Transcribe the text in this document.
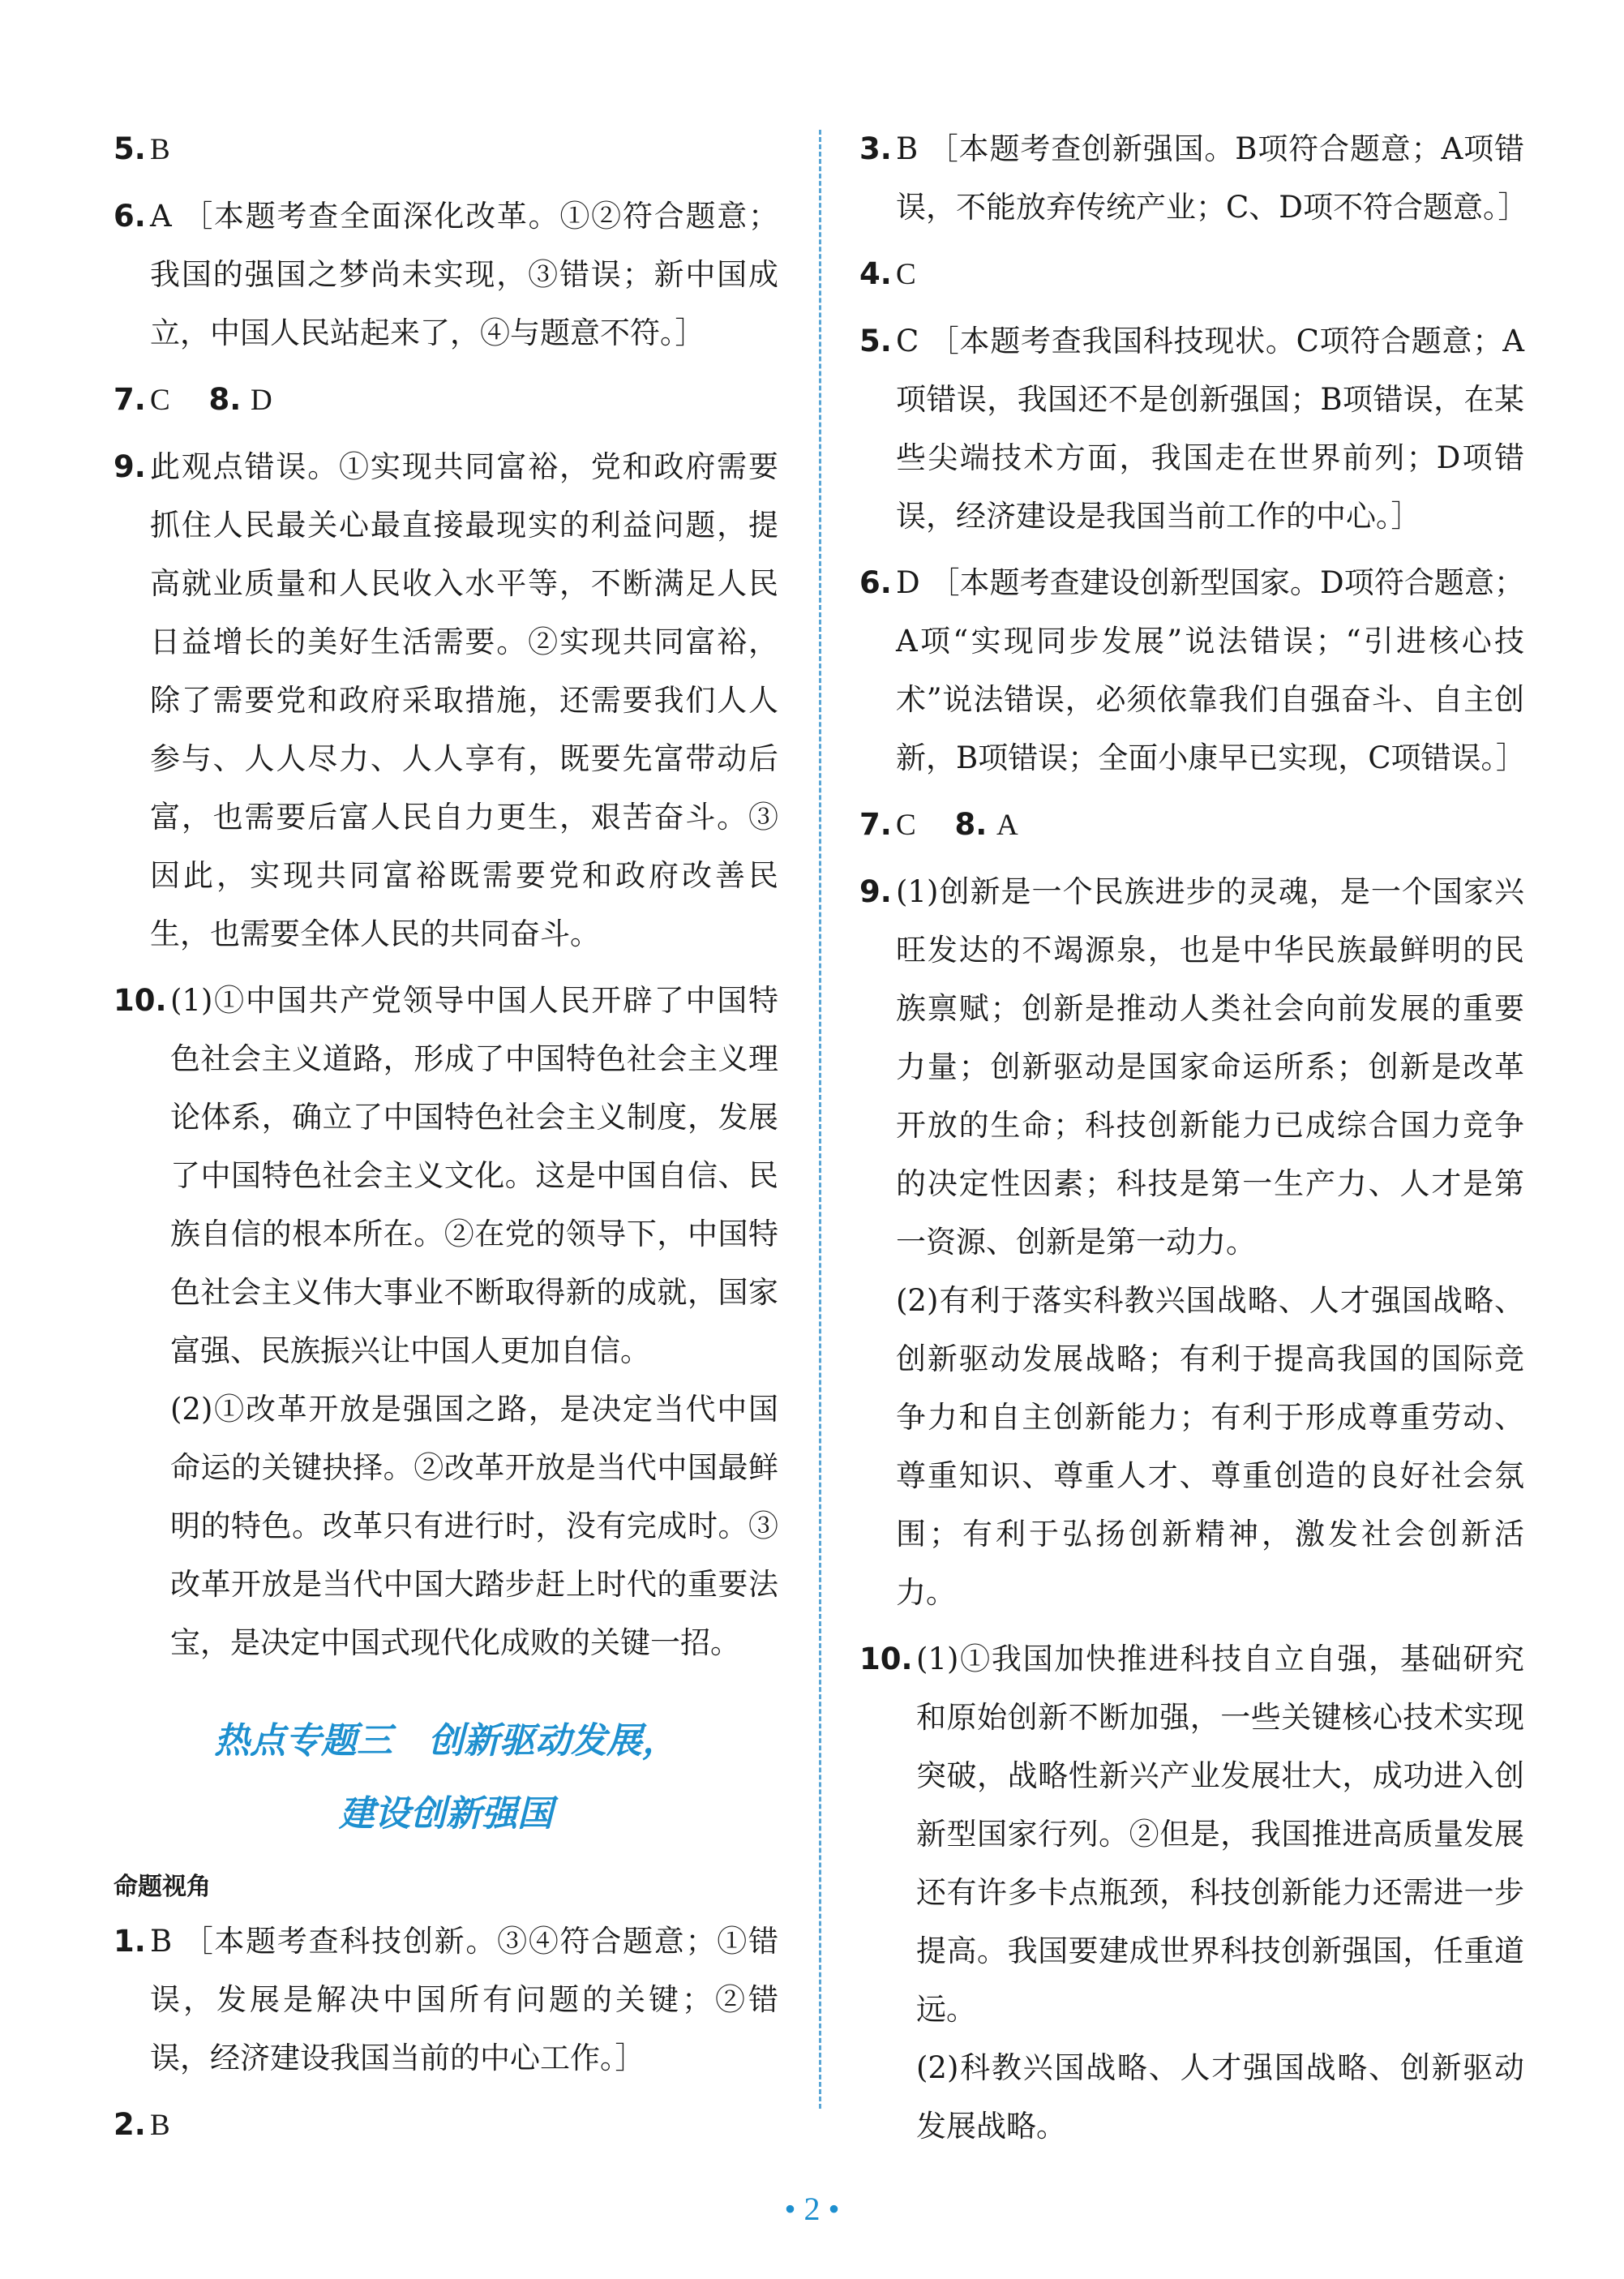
5. B
6. A ［本题考查全面深化改革。①②符合题意；我国的强国之梦尚未实现，③错误；新中国成立，中国人民站起来了，④与题意不符。］
7. C 8. D
9. 此观点错误。①实现共同富裕，党和政府需要抓住人民最关心最直接最现实的利益问题，提高就业质量和人民收入水平等，不断满足人民日益增长的美好生活需要。②实现共同富裕，除了需要党和政府采取措施，还需要我们人人参与、人人尽力、人人享有，既要先富带动后富，也需要后富人民自力更生，艰苦奋斗。③因此，实现共同富裕既需要党和政府改善民生，也需要全体人民的共同奋斗。
10. (1)①中国共产党领导中国人民开辟了中国特色社会主义道路，形成了中国特色社会主义理论体系，确立了中国特色社会主义制度，发展了中国特色社会主义文化。这是中国自信、民族自信的根本所在。②在党的领导下，中国特色社会主义伟大事业不断取得新的成就，国家富强、民族振兴让中国人更加自信。
(2)①改革开放是强国之路，是决定当代中国命运的关键抉择。②改革开放是当代中国最鲜明的特色。改革只有进行时，没有完成时。③改革开放是当代中国大踏步赶上时代的重要法宝，是决定中国式现代化成败的关键一招。
热点专题三　创新驱动发展，
建设创新强国
命题视角
1. B ［本题考查科技创新。③④符合题意；①错误，发展是解决中国所有问题的关键；②错误，经济建设我国当前的中心工作。］
2. B
3. B ［本题考查创新强国。B项符合题意；A项错误，不能放弃传统产业；C、D项不符合题意。］
4. C
5. C ［本题考查我国科技现状。C项符合题意；A项错误，我国还不是创新强国；B项错误，在某些尖端技术方面，我国走在世界前列；D项错误，经济建设是我国当前工作的中心。］
6. D ［本题考查建设创新型国家。D项符合题意；A项“实现同步发展”说法错误；“引进核心技术”说法错误，必须依靠我们自强奋斗、自主创新，B项错误；全面小康早已实现，C项错误。］
7. C 8. A
9. (1)创新是一个民族进步的灵魂，是一个国家兴旺发达的不竭源泉，也是中华民族最鲜明的民族禀赋；创新是推动人类社会向前发展的重要力量；创新驱动是国家命运所系；创新是改革开放的生命；科技创新能力已成综合国力竞争的决定性因素；科技是第一生产力、人才是第一资源、创新是第一动力。
(2)有利于落实科教兴国战略、人才强国战略、创新驱动发展战略；有利于提高我国的国际竞争力和自主创新能力；有利于形成尊重劳动、尊重知识、尊重人才、尊重创造的良好社会氛围；有利于弘扬创新精神，激发社会创新活力。
10. (1)①我国加快推进科技自立自强，基础研究和原始创新不断加强，一些关键核心技术实现突破，战略性新兴产业发展壮大，成功进入创新型国家行列。②但是，我国推进高质量发展还有许多卡点瓶颈，科技创新能力还需进一步提高。我国要建成世界科技创新强国，任重道远。
(2)科教兴国战略、人才强国战略、创新驱动发展战略。
• 2 •
